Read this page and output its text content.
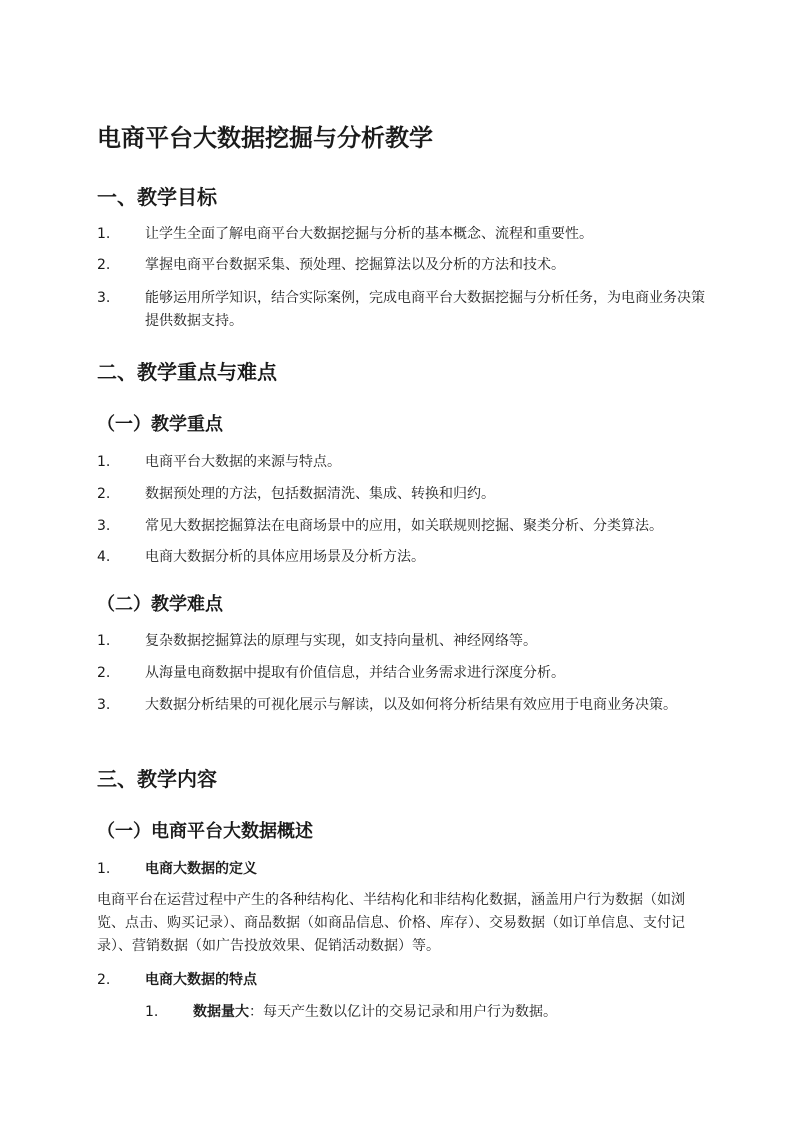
电商平台大数据挖掘与分析教学
一、教学目标
1. 让学生全面了解电商平台大数据挖掘与分析的基本概念、流程和重要性。
2. 掌握电商平台数据采集、预处理、挖掘算法以及分析的方法和技术。
3. 能够运用所学知识，结合实际案例，完成电商平台大数据挖掘与分析任务，为电商业务决策提供数据支持。
二、教学重点与难点
（一）教学重点
1. 电商平台大数据的来源与特点。
2. 数据预处理的方法，包括数据清洗、集成、转换和归约。
3. 常见大数据挖掘算法在电商场景中的应用，如关联规则挖掘、聚类分析、分类算法。
4. 电商大数据分析的具体应用场景及分析方法。
（二）教学难点
1. 复杂数据挖掘算法的原理与实现，如支持向量机、神经网络等。
2. 从海量电商数据中提取有价值信息，并结合业务需求进行深度分析。
3. 大数据分析结果的可视化展示与解读，以及如何将分析结果有效应用于电商业务决策。
三、教学内容
（一）电商平台大数据概述
1. 电商大数据的定义
电商平台在运营过程中产生的各种结构化、半结构化和非结构化数据，涵盖用户行为数据（如浏览、点击、购买记录）、商品数据（如商品信息、价格、库存）、交易数据（如订单信息、支付记录）、营销数据（如广告投放效果、促销活动数据）等。
2. 电商大数据的特点
1. 数据量大：每天产生数以亿计的交易记录和用户行为数据。
